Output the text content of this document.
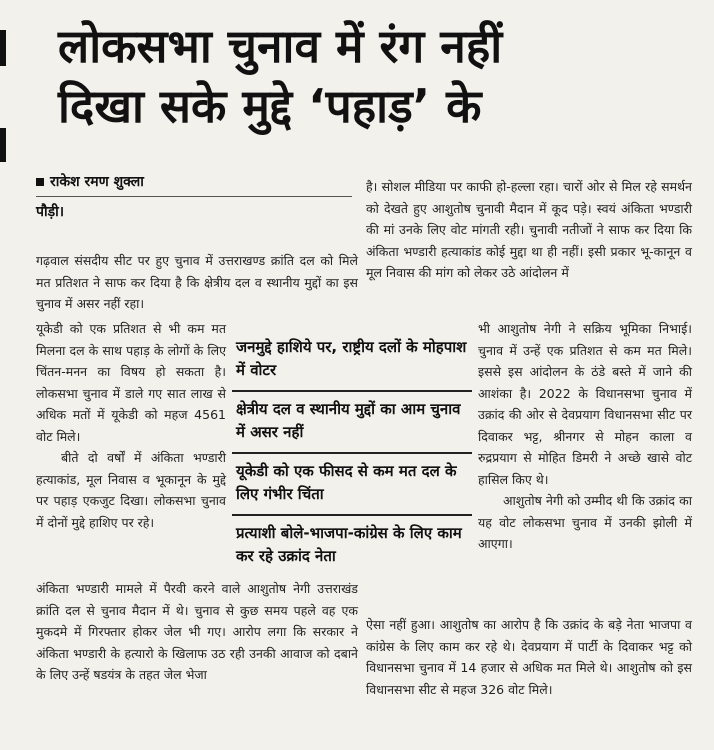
लोकसभा चुनाव में रंग नहीं
दिखा सके मुद्दे ‘पहाड़’ के
राकेश रमण शुक्ला
पौड़ी।

गढ़वाल संसदीय सीट पर हुए चुनाव में उत्तराखण्ड क्रांति दल को मिले मत प्रतिशत ने साफ कर दिया है कि क्षेत्रीय दल व स्थानीय मुद्दों का इस चुनाव में असर नहीं रहा।

यूकेडी को एक प्रतिशत से भी कम मत मिलना दल के साथ पहाड़ के लोगों के लिए चिंतन-मनन का विषय हो सकता है। लोकसभा चुनाव में डाले गए सात लाख से अधिक मतों में यूकेडी को महज 4561 वोट मिले।

बीते दो वर्षों में अंकिता भण्डारी हत्याकांड, मूल निवास व भूकानून के मुद्दे पर पहाड़ एकजुट दिखा। लोकसभा चुनाव में दोनों मुद्दे हाशिए पर रहे।

अंकिता भण्डारी मामले में पैरवी करने वाले आशुतोष नेगी उत्तराखंड क्रांति दल से चुनाव मैदान में थे। चुनाव से कुछ समय पहले वह एक मुकदमे में गिरफ्तार होकर जेल भी गए। आरोप लगा कि सरकार ने अंकिता भण्डारी के हत्यारो के खिलाफ उठ रही उनकी आवाज को दबाने के लिए उन्हें षडयंत्र के तहत जेल भेजा

है। सोशल मीडिया पर काफी हो-हल्ला रहा। चारों ओर से मिल रहे समर्थन को देखते हुए आशुतोष चुनावी मैदान में कूद पड़े। स्वयं अंकिता भण्डारी की मां उनके लिए वोट मांगती रही। चुनावी नतीजों ने साफ कर दिया कि अंकिता भण्डारी हत्याकांड कोई मुद्दा था ही नहीं। इसी प्रकार भू-कानून व मूल निवास की मांग को लेकर उठे आंदोलन में

भी आशुतोष नेगी ने सक्रिय भूमिका निभाई। चुनाव में उन्हें एक प्रतिशत से कम मत मिले। इससे इस आंदोलन के ठंडे बस्ते में जाने की आशंका है। 2022 के विधानसभा चुनाव में उक्रांद की ओर से देवप्रयाग विधानसभा सीट पर दिवाकर भट्ट, श्रीनगर से मोहन काला व रुद्रप्रयाग से मोहित डिमरी ने अच्छे खासे वोट हासिल किए थे।

आशुतोष नेगी को उम्मीद थी कि उक्रांद का यह वोट लोकसभा चुनाव में उनकी झोली में आएगा।

ऐसा नहीं हुआ। आशुतोष का आरोप है कि उक्रांद के बड़े नेता भाजपा व कांग्रेस के लिए काम कर रहे थे। देवप्रयाग में पार्टी के दिवाकर भट्ट को विधानसभा चुनाव में 14 हजार से अधिक मत मिले थे। आशुतोष को इस विधानसभा सीट से महज 326 वोट मिले।

जनमुद्दे हाशिये पर, राष्ट्रीय दलों के मोहपाश में वोटर
क्षेत्रीय दल व स्थानीय मुद्दों का आम चुनाव में असर नहीं
यूकेडी को एक फीसद से कम मत दल के लिए गंभीर चिंता
प्रत्याशी बोले-भाजपा-कांग्रेस के लिए काम कर रहे उक्रांद नेता
